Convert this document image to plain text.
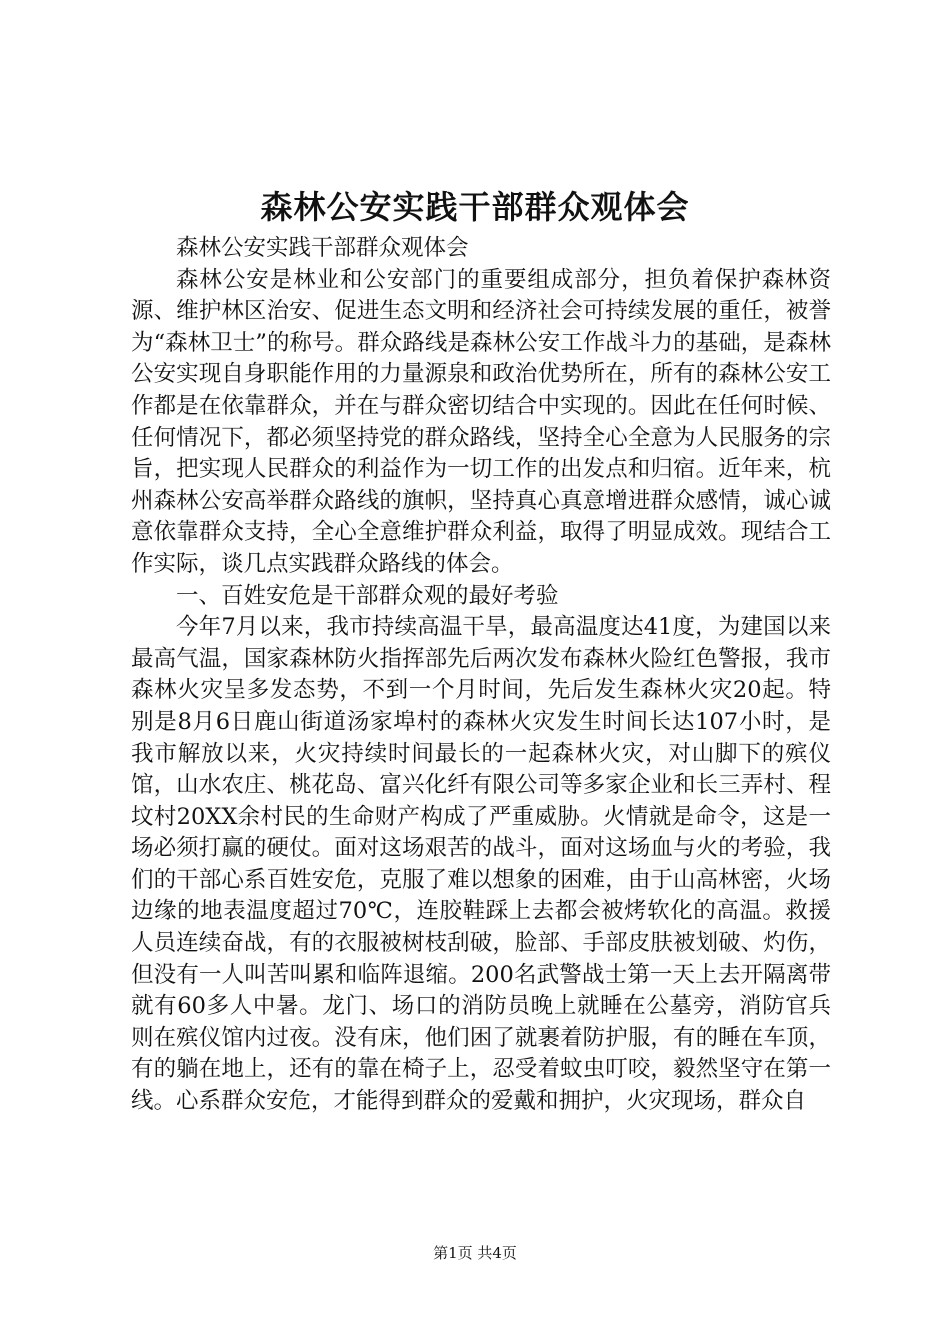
森林公安实践干部群众观体会

森林公安实践干部群众观体会

森林公安是林业和公安部门的重要组成部分，担负着保护森林资源、维护林区治安、促进生态文明和经济社会可持续发展的重任，被誉为“森林卫士”的称号。群众路线是森林公安工作战斗力的基础，是森林公安实现自身职能作用的力量源泉和政治优势所在，所有的森林公安工作都是在依靠群众，并在与群众密切结合中实现的。因此在任何时候、任何情况下，都必须坚持党的群众路线，坚持全心全意为人民服务的宗旨，把实现人民群众的利益作为一切工作的出发点和归宿。近年来，杭州森林公安高举群众路线的旗帜，坚持真心真意增进群众感情，诚心诚意依靠群众支持，全心全意维护群众利益，取得了明显成效。现结合工作实际，谈几点实践群众路线的体会。

一、百姓安危是干部群众观的最好考验

今年7月以来，我市持续高温干旱，最高温度达41度，为建国以来最高气温，国家森林防火指挥部先后两次发布森林火险红色警报，我市森林火灾呈多发态势，不到一个月时间，先后发生森林火灾20起。特别是8月6日鹿山街道汤家埠村的森林火灾发生时间长达107小时，是我市解放以来，火灾持续时间最长的一起森林火灾，对山脚下的殡仪馆，山水农庄、桃花岛、富兴化纤有限公司等多家企业和长三弄村、程坟村20XX余村民的生命财产构成了严重威胁。火情就是命令，这是一场必须打赢的硬仗。面对这场艰苦的战斗，面对这场血与火的考验，我们的干部心系百姓安危，克服了难以想象的困难，由于山高林密，火场边缘的地表温度超过70℃，连胶鞋踩上去都会被烤软化的高温。救援人员连续奋战，有的衣服被树枝刮破，脸部、手部皮肤被划破、灼伤，但没有一人叫苦叫累和临阵退缩。200名武警战士第一天上去开隔离带就有60多人中暑。龙门、场口的消防员晚上就睡在公墓旁，消防官兵则在殡仪馆内过夜。没有床，他们困了就裹着防护服，有的睡在车顶，有的躺在地上，还有的靠在椅子上，忍受着蚊虫叮咬，毅然坚守在第一线。心系群众安危，才能得到群众的爱戴和拥护，火灾现场，群众自

第1页 共4页
